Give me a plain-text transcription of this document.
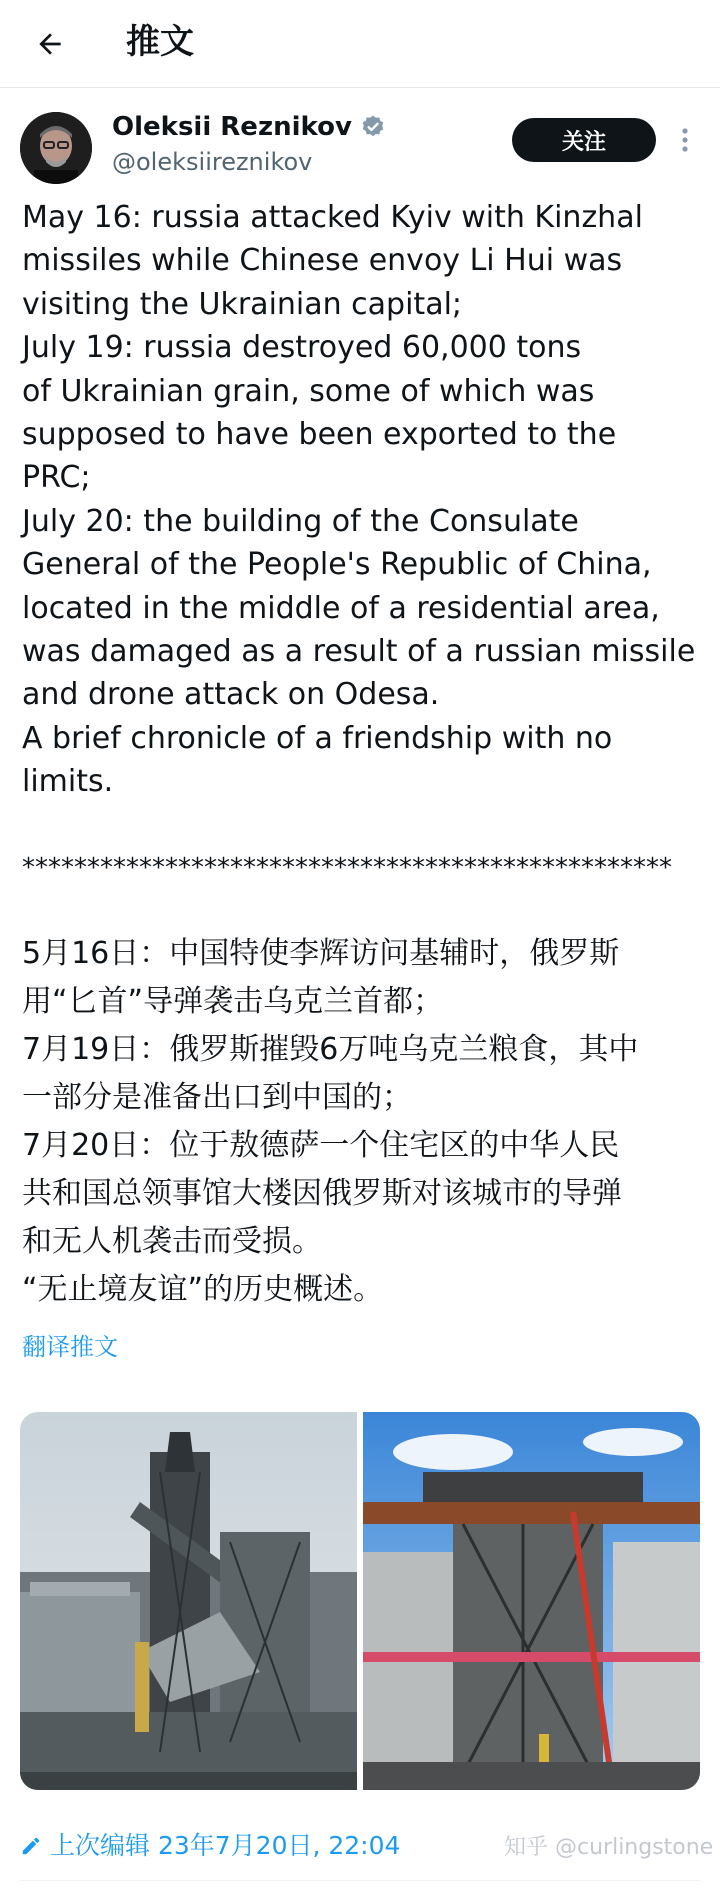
推文
Oleksii Reznikov
@oleksiireznikov
关注
May 16: russia attacked Kyiv with Kinzhal
missiles while Chinese envoy Li Hui was
visiting the Ukrainian capital;
July 19: russia destroyed 60,000 tons
of Ukrainian grain, some of which was
supposed to have been exported to the
PRC;
July 20: the building of the Consulate
General of the People's Republic of China,
located in the middle of a residential area,
was damaged as a result of a russian missile
and drone attack on Odesa.
A brief chronicle of a friendship with no
limits.
**************************************************
5月16日：中国特使李辉访问基辅时，俄罗斯
用“匕首”导弹袭击乌克兰首都；
7月19日：俄罗斯摧毁6万吨乌克兰粮食，其中
一部分是准备出口到中国的；
7月20日：位于敖德萨一个住宅区的中华人民
共和国总领事馆大楼因俄罗斯对该城市的导弹
和无人机袭击而受损。
“无止境友谊”的历史概述。
翻译推文
上次编辑 23年7月20日, 22:04	知乎 @curlingstone
